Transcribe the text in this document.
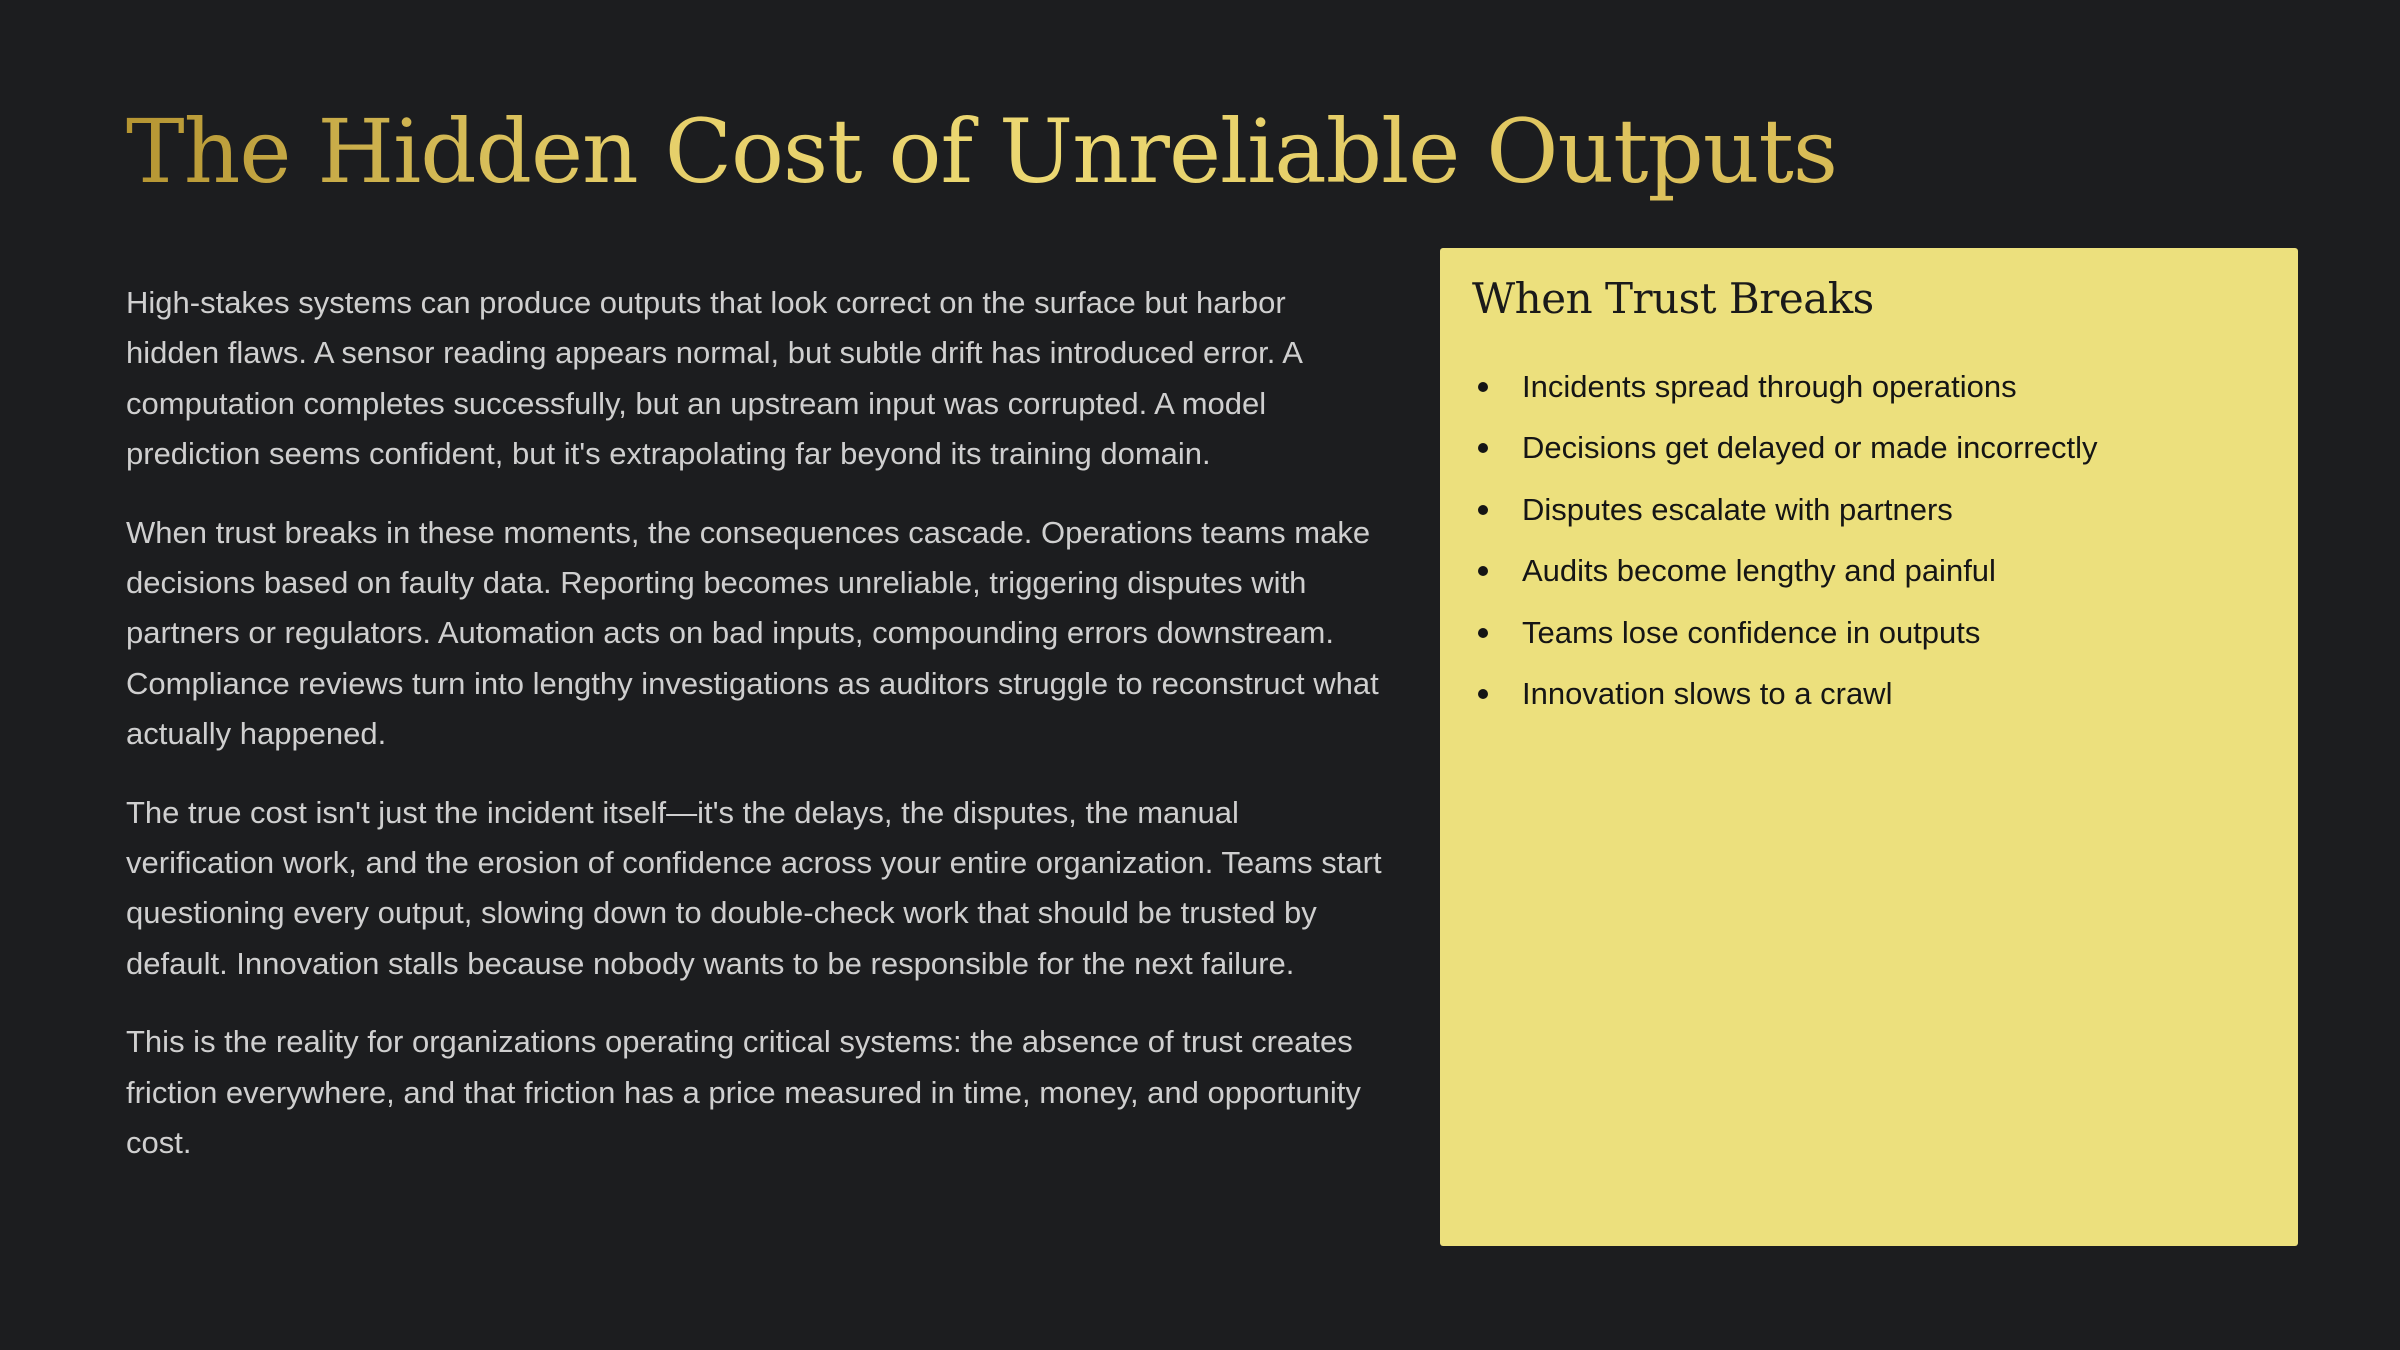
The Hidden Cost of Unreliable Outputs

High-stakes systems can produce outputs that look correct on the surface but harbor hidden flaws. A sensor reading appears normal, but subtle drift has introduced error. A computation completes successfully, but an upstream input was corrupted. A model prediction seems confident, but it's extrapolating far beyond its training domain.

When trust breaks in these moments, the consequences cascade. Operations teams make decisions based on faulty data. Reporting becomes unreliable, triggering disputes with partners or regulators. Automation acts on bad inputs, compounding errors downstream. Compliance reviews turn into lengthy investigations as auditors struggle to reconstruct what actually happened.

The true cost isn't just the incident itself—it's the delays, the disputes, the manual verification work, and the erosion of confidence across your entire organization. Teams start questioning every output, slowing down to double-check work that should be trusted by default. Innovation stalls because nobody wants to be responsible for the next failure.

This is the reality for organizations operating critical systems: the absence of trust creates friction everywhere, and that friction has a price measured in time, money, and opportunity cost.

When Trust Breaks
Incidents spread through operations
Decisions get delayed or made incorrectly
Disputes escalate with partners
Audits become lengthy and painful
Teams lose confidence in outputs
Innovation slows to a crawl
